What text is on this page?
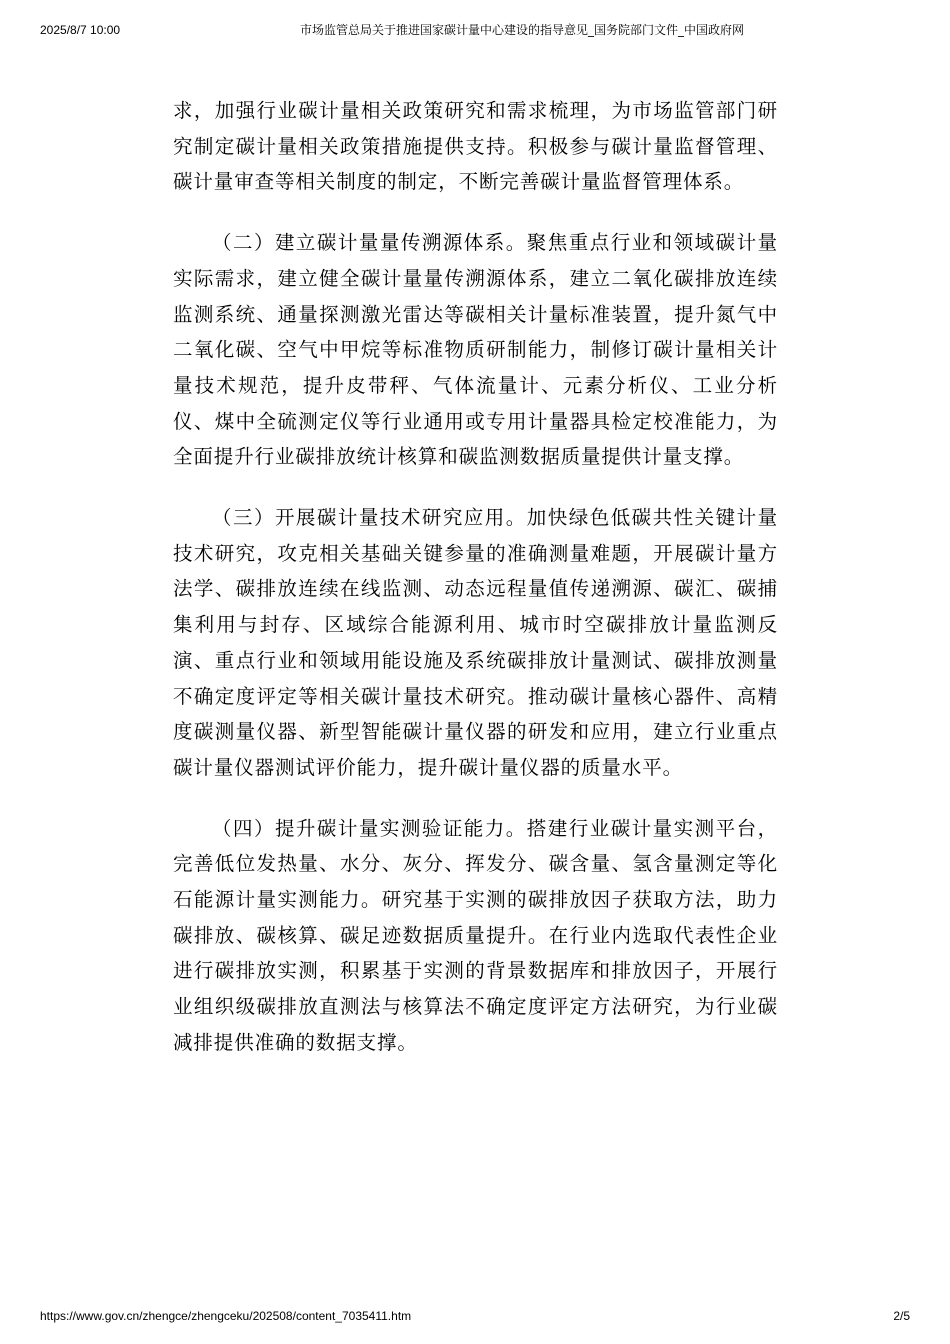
2025/8/7 10:00	市场监管总局关于推进国家碳计量中心建设的指导意见_国务院部门文件_中国政府网

求，加强行业碳计量相关政策研究和需求梳理，为市场监管部门研究制定碳计量相关政策措施提供支持。积极参与碳计量监督管理、碳计量审查等相关制度的制定，不断完善碳计量监督管理体系。

（二）建立碳计量量传溯源体系。聚焦重点行业和领域碳计量实际需求，建立健全碳计量量传溯源体系，建立二氧化碳排放连续监测系统、通量探测激光雷达等碳相关计量标准装置，提升氮气中二氧化碳、空气中甲烷等标准物质研制能力，制修订碳计量相关计量技术规范，提升皮带秤、气体流量计、元素分析仪、工业分析仪、煤中全硫测定仪等行业通用或专用计量器具检定校准能力，为全面提升行业碳排放统计核算和碳监测数据质量提供计量支撑。

（三）开展碳计量技术研究应用。加快绿色低碳共性关键计量技术研究，攻克相关基础关键参量的准确测量难题，开展碳计量方法学、碳排放连续在线监测、动态远程量值传递溯源、碳汇、碳捕集利用与封存、区域综合能源利用、城市时空碳排放计量监测反演、重点行业和领域用能设施及系统碳排放计量测试、碳排放测量不确定度评定等相关碳计量技术研究。推动碳计量核心器件、高精度碳测量仪器、新型智能碳计量仪器的研发和应用，建立行业重点碳计量仪器测试评价能力，提升碳计量仪器的质量水平。

（四）提升碳计量实测验证能力。搭建行业碳计量实测平台，完善低位发热量、水分、灰分、挥发分、碳含量、氢含量测定等化石能源计量实测能力。研究基于实测的碳排放因子获取方法，助力碳排放、碳核算、碳足迹数据质量提升。在行业内选取代表性企业进行碳排放实测，积累基于实测的背景数据库和排放因子，开展行业组织级碳排放直测法与核算法不确定度评定方法研究，为行业碳减排提供准确的数据支撑。

https://www.gov.cn/zhengce/zhengceku/202508/content_7035411.htm	2/5
